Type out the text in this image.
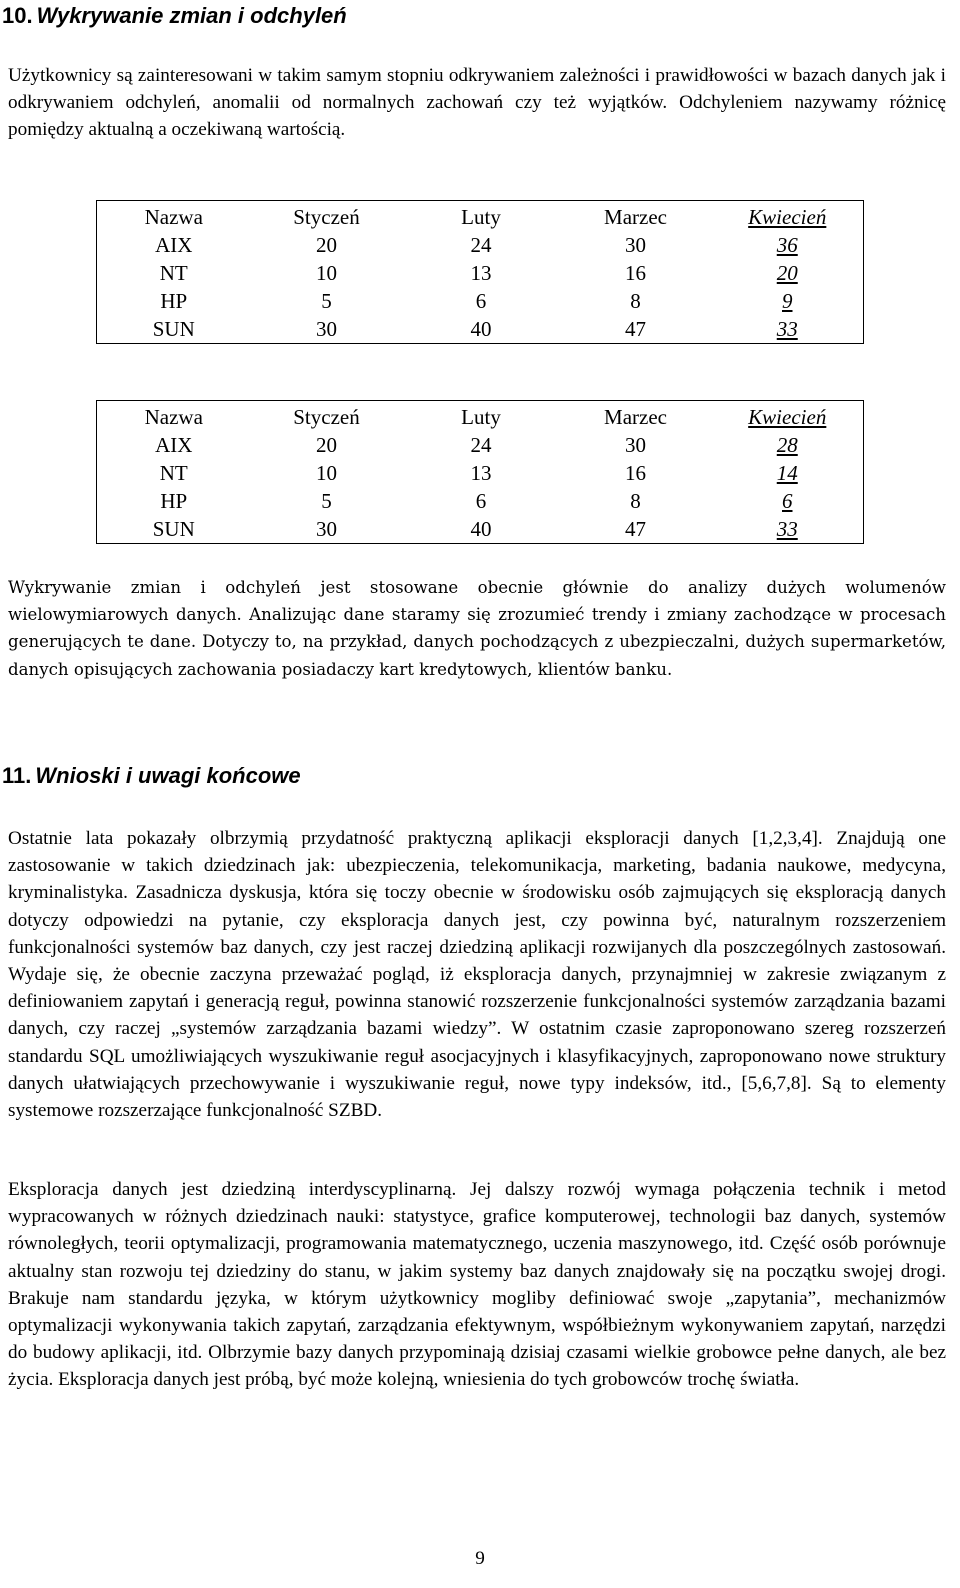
10. Wykrywanie zmian i odchyleń

Użytkownicy są zainteresowani w takim samym stopniu odkrywaniem zależności i prawidłowości w bazach danych jak i odkrywaniem odchyleń, anomalii od normalnych zachowań czy też wyjątków. Odchyleniem nazywamy różnicę pomiędzy aktualną a oczekiwaną wartością.

Nazwa	Styczeń	Luty	Marzec	Kwiecień
AIX	20	24	30	36
NT	10	13	16	20
HP	5	6	8	9
SUN	30	40	47	33
Nazwa	Styczeń	Luty	Marzec	Kwiecień
AIX	20	24	30	28
NT	10	13	16	14
HP	5	6	8	6
SUN	30	40	47	33

Wykrywanie zmian i odchyleń jest stosowane obecnie głównie do analizy dużych wolumenów wielowymiarowych danych. Analizując dane staramy się zrozumieć trendy i zmiany zachodzące w procesach generujących te dane. Dotyczy to, na przykład, danych pochodzących z ubezpieczalni, dużych supermarketów, danych opisujących zachowania posiadaczy kart kredytowych, klientów banku.

11. Wnioski i uwagi końcowe

Ostatnie lata pokazały olbrzymią przydatność praktyczną aplikacji eksploracji danych [1,2,3,4]. Znajdują one zastosowanie w takich dziedzinach jak: ubezpieczenia, telekomunikacja, marketing, badania naukowe, medycyna, kryminalistyka. Zasadnicza dyskusja, która się toczy obecnie w środowisku osób zajmujących się eksploracją danych dotyczy odpowiedzi na pytanie, czy eksploracja danych jest, czy powinna być, naturalnym rozszerzeniem funkcjonalności systemów baz danych, czy jest raczej dziedziną aplikacji rozwijanych dla poszczególnych zastosowań. Wydaje się, że obecnie zaczyna przeważać pogląd, iż eksploracja danych, przynajmniej w zakresie związanym z definiowaniem zapytań i generacją reguł, powinna stanowić rozszerzenie funkcjonalności systemów zarządzania bazami danych, czy raczej „systemów zarządzania bazami wiedzy”. W ostatnim czasie zaproponowano szereg rozszerzeń standardu SQL umożliwiających wyszukiwanie reguł asocjacyjnych i klasyfikacyjnych, zaproponowano nowe struktury danych ułatwiających przechowywanie i wyszukiwanie reguł, nowe typy indeksów, itd., [5,6,7,8]. Są to elementy systemowe rozszerzające funkcjonalność SZBD.

Eksploracja danych jest dziedziną interdyscyplinarną. Jej dalszy rozwój wymaga połączenia technik i metod wypracowanych w różnych dziedzinach nauki: statystyce, grafice komputerowej, technologii baz danych, systemów równoległych, teorii optymalizacji, programowania matematycznego, uczenia maszynowego, itd. Część osób porównuje aktualny stan rozwoju tej dziedziny do stanu, w jakim systemy baz danych znajdowały się na początku swojej drogi. Brakuje nam standardu języka, w którym użytkownicy mogliby definiować swoje „zapytania”, mechanizmów optymalizacji wykonywania takich zapytań, zarządzania efektywnym, współbieżnym wykonywaniem zapytań, narzędzi do budowy aplikacji, itd. Olbrzymie bazy danych przypominają dzisiaj czasami wielkie grobowce pełne danych, ale bez życia. Eksploracja danych jest próbą, być może kolejną, wniesienia do tych grobowców trochę światła.

9
